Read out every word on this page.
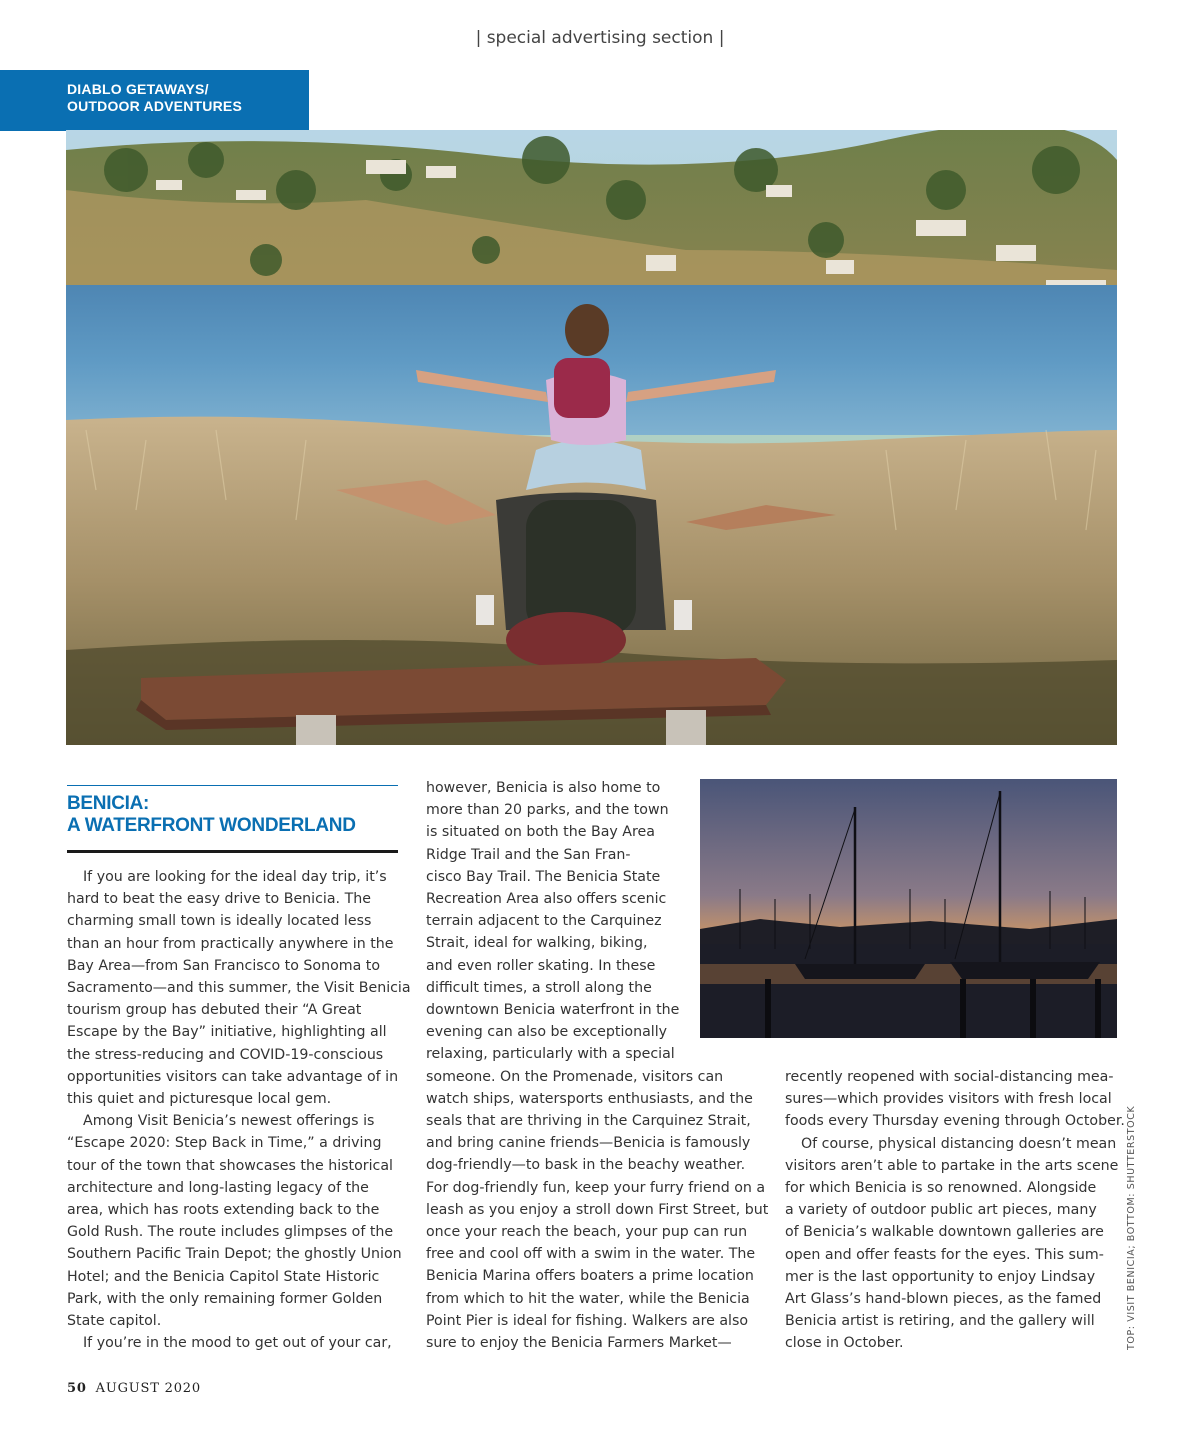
| special advertising section |
DIABLO GETAWAYS/
OUTDOOR ADVENTURES
BENICIA:
A WATERFRONT WONDERLAND
If you are looking for the ideal day trip, it’s
hard to beat the easy drive to Benicia. The
charming small town is ideally located less
than an hour from practically anywhere in the
Bay Area—from San Francisco to Sonoma to
Sacramento—and this summer, the Visit Benicia
tourism group has debuted their “A Great
Escape by the Bay” initiative, highlighting all
the stress-reducing and COVID-19-conscious
opportunities visitors can take advantage of in
this quiet and picturesque local gem.
Among Visit Benicia’s newest offerings is
“Escape 2020: Step Back in Time,” a driving
tour of the town that showcases the historical
architecture and long-lasting legacy of the
area, which has roots extending back to the
Gold Rush. The route includes glimpses of the
Southern Pacific Train Depot; the ghostly Union
Hotel; and the Benicia Capitol State Historic
Park, with the only remaining former Golden
State capitol.
If you’re in the mood to get out of your car,
however, Benicia is also home to
more than 20 parks, and the town
is situated on both the Bay Area
Ridge Trail and the San Fran-
cisco Bay Trail. The Benicia State
Recreation Area also offers scenic
terrain adjacent to the Carquinez
Strait, ideal for walking, biking,
and even roller skating. In these
difficult times, a stroll along the
downtown Benicia waterfront in the
evening can also be exceptionally
relaxing, particularly with a special
someone. On the Promenade, visitors can
watch ships, watersports enthusiasts, and the
seals that are thriving in the Carquinez Strait,
and bring canine friends—Benicia is famously
dog-friendly—to bask in the beachy weather.
For dog-friendly fun, keep your furry friend on a
leash as you enjoy a stroll down First Street, but
once your reach the beach, your pup can run
free and cool off with a swim in the water. The
Benicia Marina offers boaters a prime location
from which to hit the water, while the Benicia
Point Pier is ideal for fishing. Walkers are also
sure to enjoy the Benicia Farmers Market—
recently reopened with social-distancing mea-
sures—which provides visitors with fresh local
foods every Thursday evening through October.
Of course, physical distancing doesn’t mean
visitors aren’t able to partake in the arts scene
for which Benicia is so renowned. Alongside
a variety of outdoor public art pieces, many
of Benicia’s walkable downtown galleries are
open and offer feasts for the eyes. This sum-
mer is the last opportunity to enjoy Lindsay
Art Glass’s hand-blown pieces, as the famed
Benicia artist is retiring, and the gallery will
close in October.	TOP: VISIT BENICIA; BOTTOM: SHUTTERSTOCK
50 AUGUST 2020
